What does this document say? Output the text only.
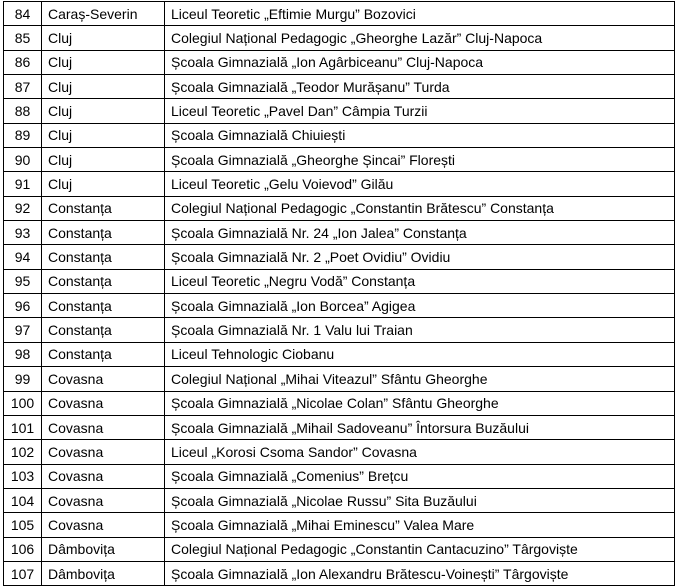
84	Caraș-Severin	Liceul Teoretic „Eftimie Murgu” Bozovici
85	Cluj	Colegiul Național Pedagogic „Gheorghe Lazăr” Cluj-Napoca
86	Cluj	Școala Gimnazială „Ion Agârbiceanu” Cluj-Napoca
87	Cluj	Școala Gimnazială „Teodor Murășanu” Turda
88	Cluj	Liceul Teoretic „Pavel Dan” Câmpia Turzii
89	Cluj	Școala Gimnazială Chiuiești
90	Cluj	Școala Gimnazială „Gheorghe Șincai” Florești
91	Cluj	Liceul Teoretic „Gelu Voievod” Gilău
92	Constanța	Colegiul Național Pedagogic „Constantin Brătescu” Constanța
93	Constanța	Școala Gimnazială Nr. 24 „Ion Jalea” Constanța
94	Constanța	Școala Gimnazială Nr. 2 „Poet Ovidiu” Ovidiu
95	Constanța	Liceul Teoretic „Negru Vodă” Constanța
96	Constanța	Școala Gimnazială „Ion Borcea” Agigea
97	Constanța	Școala Gimnazială Nr. 1 Valu lui Traian
98	Constanța	Liceul Tehnologic Ciobanu
99	Covasna	Colegiul Național „Mihai Viteazul” Sfântu Gheorghe
100	Covasna	Școala Gimnazială „Nicolae Colan” Sfântu Gheorghe
101	Covasna	Școala Gimnazială „Mihail Sadoveanu” Întorsura Buzăului
102	Covasna	Liceul „Korosi Csoma Sandor” Covasna
103	Covasna	Școala Gimnazială „Comenius” Brețcu
104	Covasna	Școala Gimnazială „Nicolae Russu” Sita Buzăului
105	Covasna	Școala Gimnazială „Mihai Eminescu” Valea Mare
106	Dâmbovița	Colegiul Național Pedagogic „Constantin Cantacuzino” Târgoviște
107	Dâmbovița	Școala Gimnazială „Ion Alexandru Brătescu-Voinești” Târgoviște
